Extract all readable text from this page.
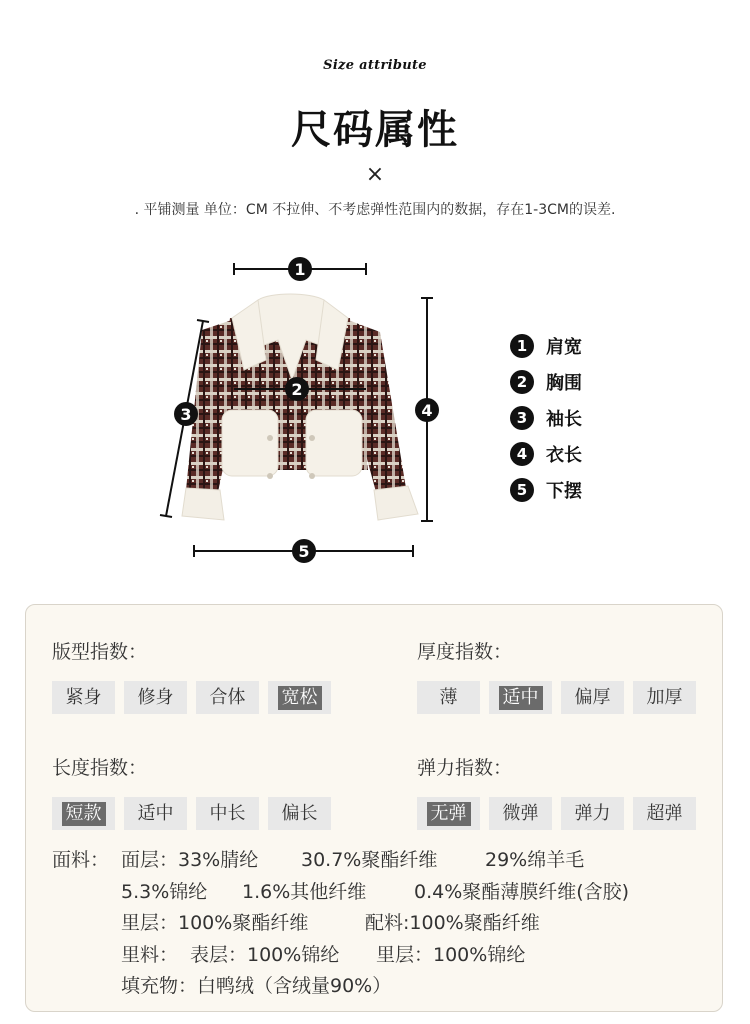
Size attribute
尺码属性
×
. 平铺测量 单位：CM 不拉伸、不考虑弹性范围内的数据，存在1-3CM的误差.
1
2
3	4
5
1	肩宽
2	胸围
3	袖长
4	衣长
5	下摆
版型指数：
紧身 修身 合体 宽松
厚度指数：
薄	适中 偏厚 加厚
长度指数：
短款 适中 中长 偏长
弹力指数：
无弹 微弹 弹力 超弹
面料： 面层：33%腈纶 30.7%聚酯纤维	29%绵羊毛
5.3%锦纶 1.6%其他纤维	0.4%聚酯薄膜纤维(含胶)
里层：100%聚酯纤维	配料:100%聚酯纤维
里料： 表层：100%锦纶 里层：100%锦纶
填充物：白鸭绒（含绒量90%）
